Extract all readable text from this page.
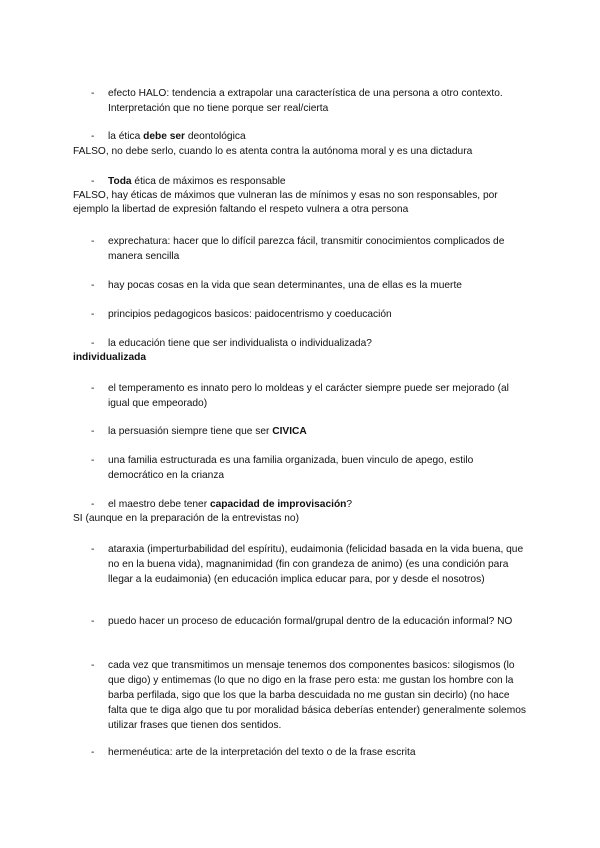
- efecto HALO: tendencia a extrapolar una característica de una persona a otro contexto. Interpretación que no tiene porque ser real/cierta
- la ética debe ser deontológica
FALSO, no debe serlo, cuando lo es atenta contra la autónoma moral y es una dictadura
- Toda ética de máximos es responsable
FALSO, hay éticas de máximos que vulneran las de mínimos y esas no son responsables, por ejemplo la libertad de expresión faltando el respeto vulnera a otra persona
- exprechatura: hacer que lo difícil parezca fácil, transmitir conocimientos complicados de manera sencilla
- hay pocas cosas en la vida que sean determinantes, una de ellas es la muerte
- principios pedagogicos basicos: paidocentrismo y coeducación
- la educación tiene que ser individualista o individualizada?
individualizada
- el temperamento es innato pero lo moldeas y el carácter siempre puede ser mejorado (al igual que empeorado)
- la persuasión siempre tiene que ser CIVICA
- una familia estructurada es una familia organizada, buen vinculo de apego, estilo democrático en la crianza
- el maestro debe tener capacidad de improvisación?
SI (aunque en la preparación de la entrevistas no)
- ataraxia (imperturbabilidad del espíritu), eudaimonia (felicidad basada en la vida buena, que no en la buena vida), magnanimidad (fin con grandeza de animo) (es una condición para llegar a la eudaimonia) (en educación implica educar para, por y desde el nosotros)
- puedo hacer un proceso de educación formal/grupal dentro de la educación informal? NO
- cada vez que transmitimos un mensaje tenemos dos componentes basicos: silogismos (lo que digo) y entimemas (lo que no digo en la frase pero esta: me gustan los hombre con la barba perfilada, sigo que los que la barba descuidada no me gustan sin decirlo) (no hace falta que te diga algo que tu por moralidad básica deberías entender) generalmente solemos utilizar frases que tienen dos sentidos.
- hermenéutica: arte de la interpretación del texto o de la frase escrita
